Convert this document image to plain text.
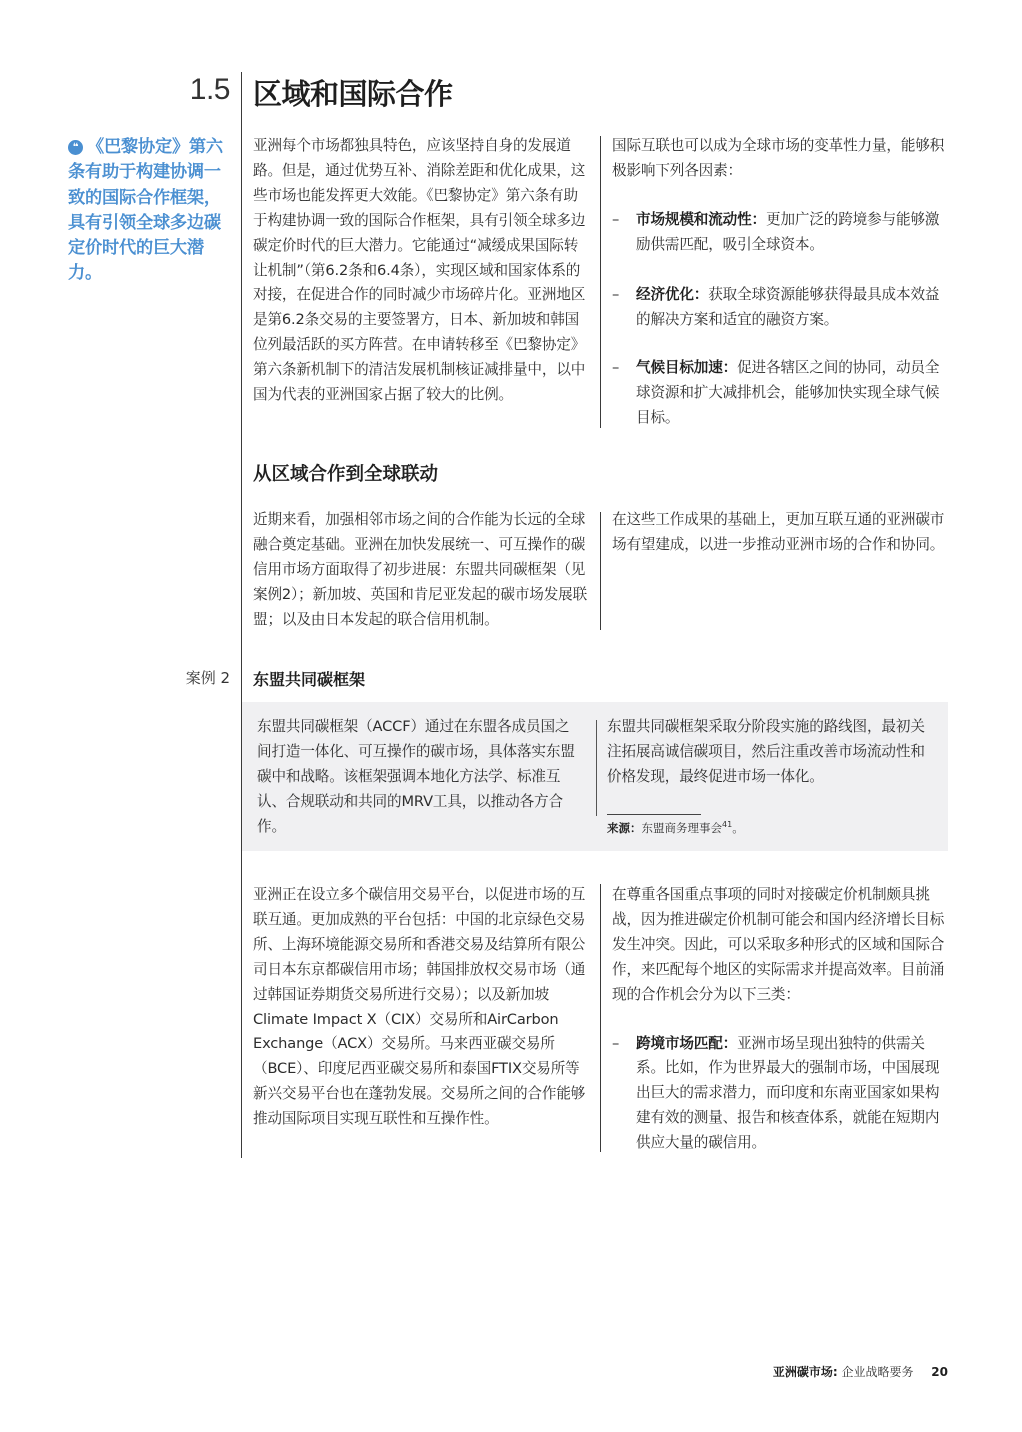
1.5 区域和国际合作
❝ 《巴黎协定》第六条有助于构建协调一致的国际合作框架，具有引领全球多边碳定价时代的巨大潜力。

亚洲每个市场都独具特色，应该坚持自身的发展道路。但是，通过优势互补、消除差距和优化成果，这些市场也能发挥更大效能。《巴黎协定》第六条有助于构建协调一致的国际合作框架，具有引领全球多边碳定价时代的巨大潜力。它能通过“减缓成果国际转让机制”（第6.2条和6.4条），实现区域和国家体系的对接，在促进合作的同时减少市场碎片化。亚洲地区是第6.2条交易的主要签署方，日本、新加坡和韩国位列最活跃的买方阵营。在申请转移至《巴黎协定》第六条新机制下的清洁发展机制核证减排量中，以中国为代表的亚洲国家占据了较大的比例。

国际互联也可以成为全球市场的变革性力量，能够积极影响下列各因素：

–	市场规模和流动性：更加广泛的跨境参与能够激励供需匹配，吸引全球资本。
–	经济优化：获取全球资源能够获得最具成本效益的解决方案和适宜的融资方案。
–	气候目标加速：促进各辖区之间的协同，动员全球资源和扩大减排机会，能够加快实现全球气候目标。
从区域合作到全球联动

近期来看，加强相邻市场之间的合作能为长远的全球融合奠定基础。亚洲在加快发展统一、可互操作的碳信用市场方面取得了初步进展：东盟共同碳框架（见案例2）；新加坡、英国和肯尼亚发起的碳市场发展联盟；以及由日本发起的联合信用机制。

在这些工作成果的基础上，更加互联互通的亚洲碳市场有望建成，以进一步推动亚洲市场的合作和协同。

案例 2 东盟共同碳框架

东盟共同碳框架（ACCF）通过在东盟各成员国之间打造一体化、可互操作的碳市场，具体落实东盟碳中和战略。该框架强调本地化方法学、标准互认、合规联动和共同的MRV工具，以推动各方合作。

东盟共同碳框架采取分阶段实施的路线图，最初关注拓展高诚信碳项目，然后注重改善市场流动性和价格发现，最终促进市场一体化。

来源：东盟商务理事会$^{41}$。

亚洲正在设立多个碳信用交易平台，以促进市场的互联互通。更加成熟的平台包括：中国的北京绿色交易所、上海环境能源交易所和香港交易及结算所有限公司日本东京都碳信用市场；韩国排放权交易市场（通过韩国证券期货交易所进行交易）；以及新加坡Climate Impact X（CIX）交易所和AirCarbon Exchange（ACX）交易所。马来西亚碳交易所（BCE）、印度尼西亚碳交易所和泰国FTIX交易所等新兴交易平台也在蓬勃发展。交易所之间的合作能够推动国际项目实现互联性和互操作性。

在尊重各国重点事项的同时对接碳定价机制颇具挑战，因为推进碳定价机制可能会和国内经济增长目标发生冲突。因此，可以采取多种形式的区域和国际合作，来匹配每个地区的实际需求并提高效率。目前涌现的合作机会分为以下三类：

–	跨境市场匹配：亚洲市场呈现出独特的供需关系。比如，作为世界最大的强制市场，中国展现出巨大的需求潜力，而印度和东南亚国家如果构建有效的测量、报告和核查体系，就能在短期内供应大量的碳信用。
亚洲碳市场: 企业战略要务 20
